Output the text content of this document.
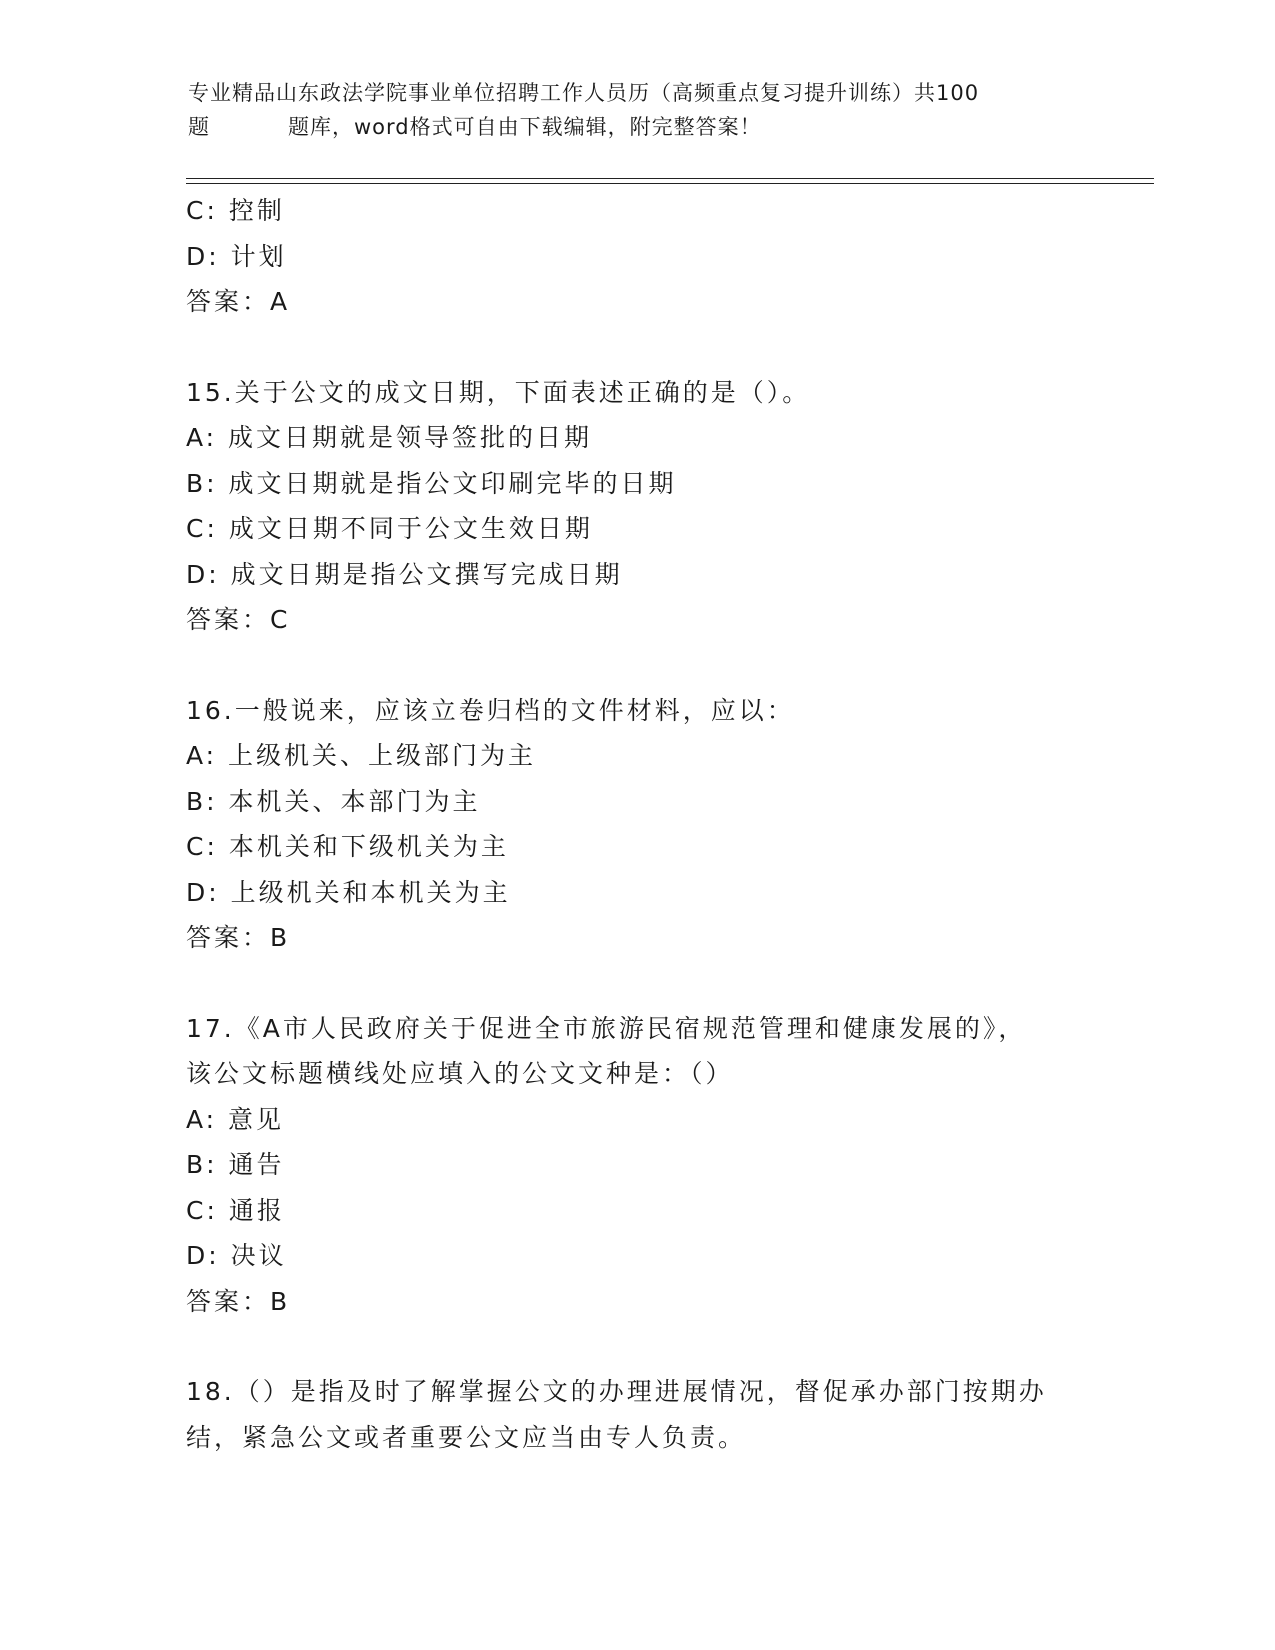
专业精品山东政法学院事业单位招聘工作人员历（高频重点复习提升训练）共100
题	题库，word格式可自由下载编辑，附完整答案！
C: 控制
D: 计划
答案：A
15.关于公文的成文日期，下面表述正确的是（）。
A: 成文日期就是领导签批的日期
B: 成文日期就是指公文印刷完毕的日期
C: 成文日期不同于公文生效日期
D: 成文日期是指公文撰写完成日期
答案：C
16.一般说来，应该立卷归档的文件材料，应以：
A: 上级机关、上级部门为主
B: 本机关、本部门为主
C: 本机关和下级机关为主
D: 上级机关和本机关为主
答案：B
17.《A市人民政府关于促进全市旅游民宿规范管理和健康发展的》，
该公文标题横线处应填入的公文文种是：（）
A: 意见
B: 通告
C: 通报
D: 决议
答案：B
18.（）是指及时了解掌握公文的办理进展情况，督促承办部门按期办
结，紧急公文或者重要公文应当由专人负责。
